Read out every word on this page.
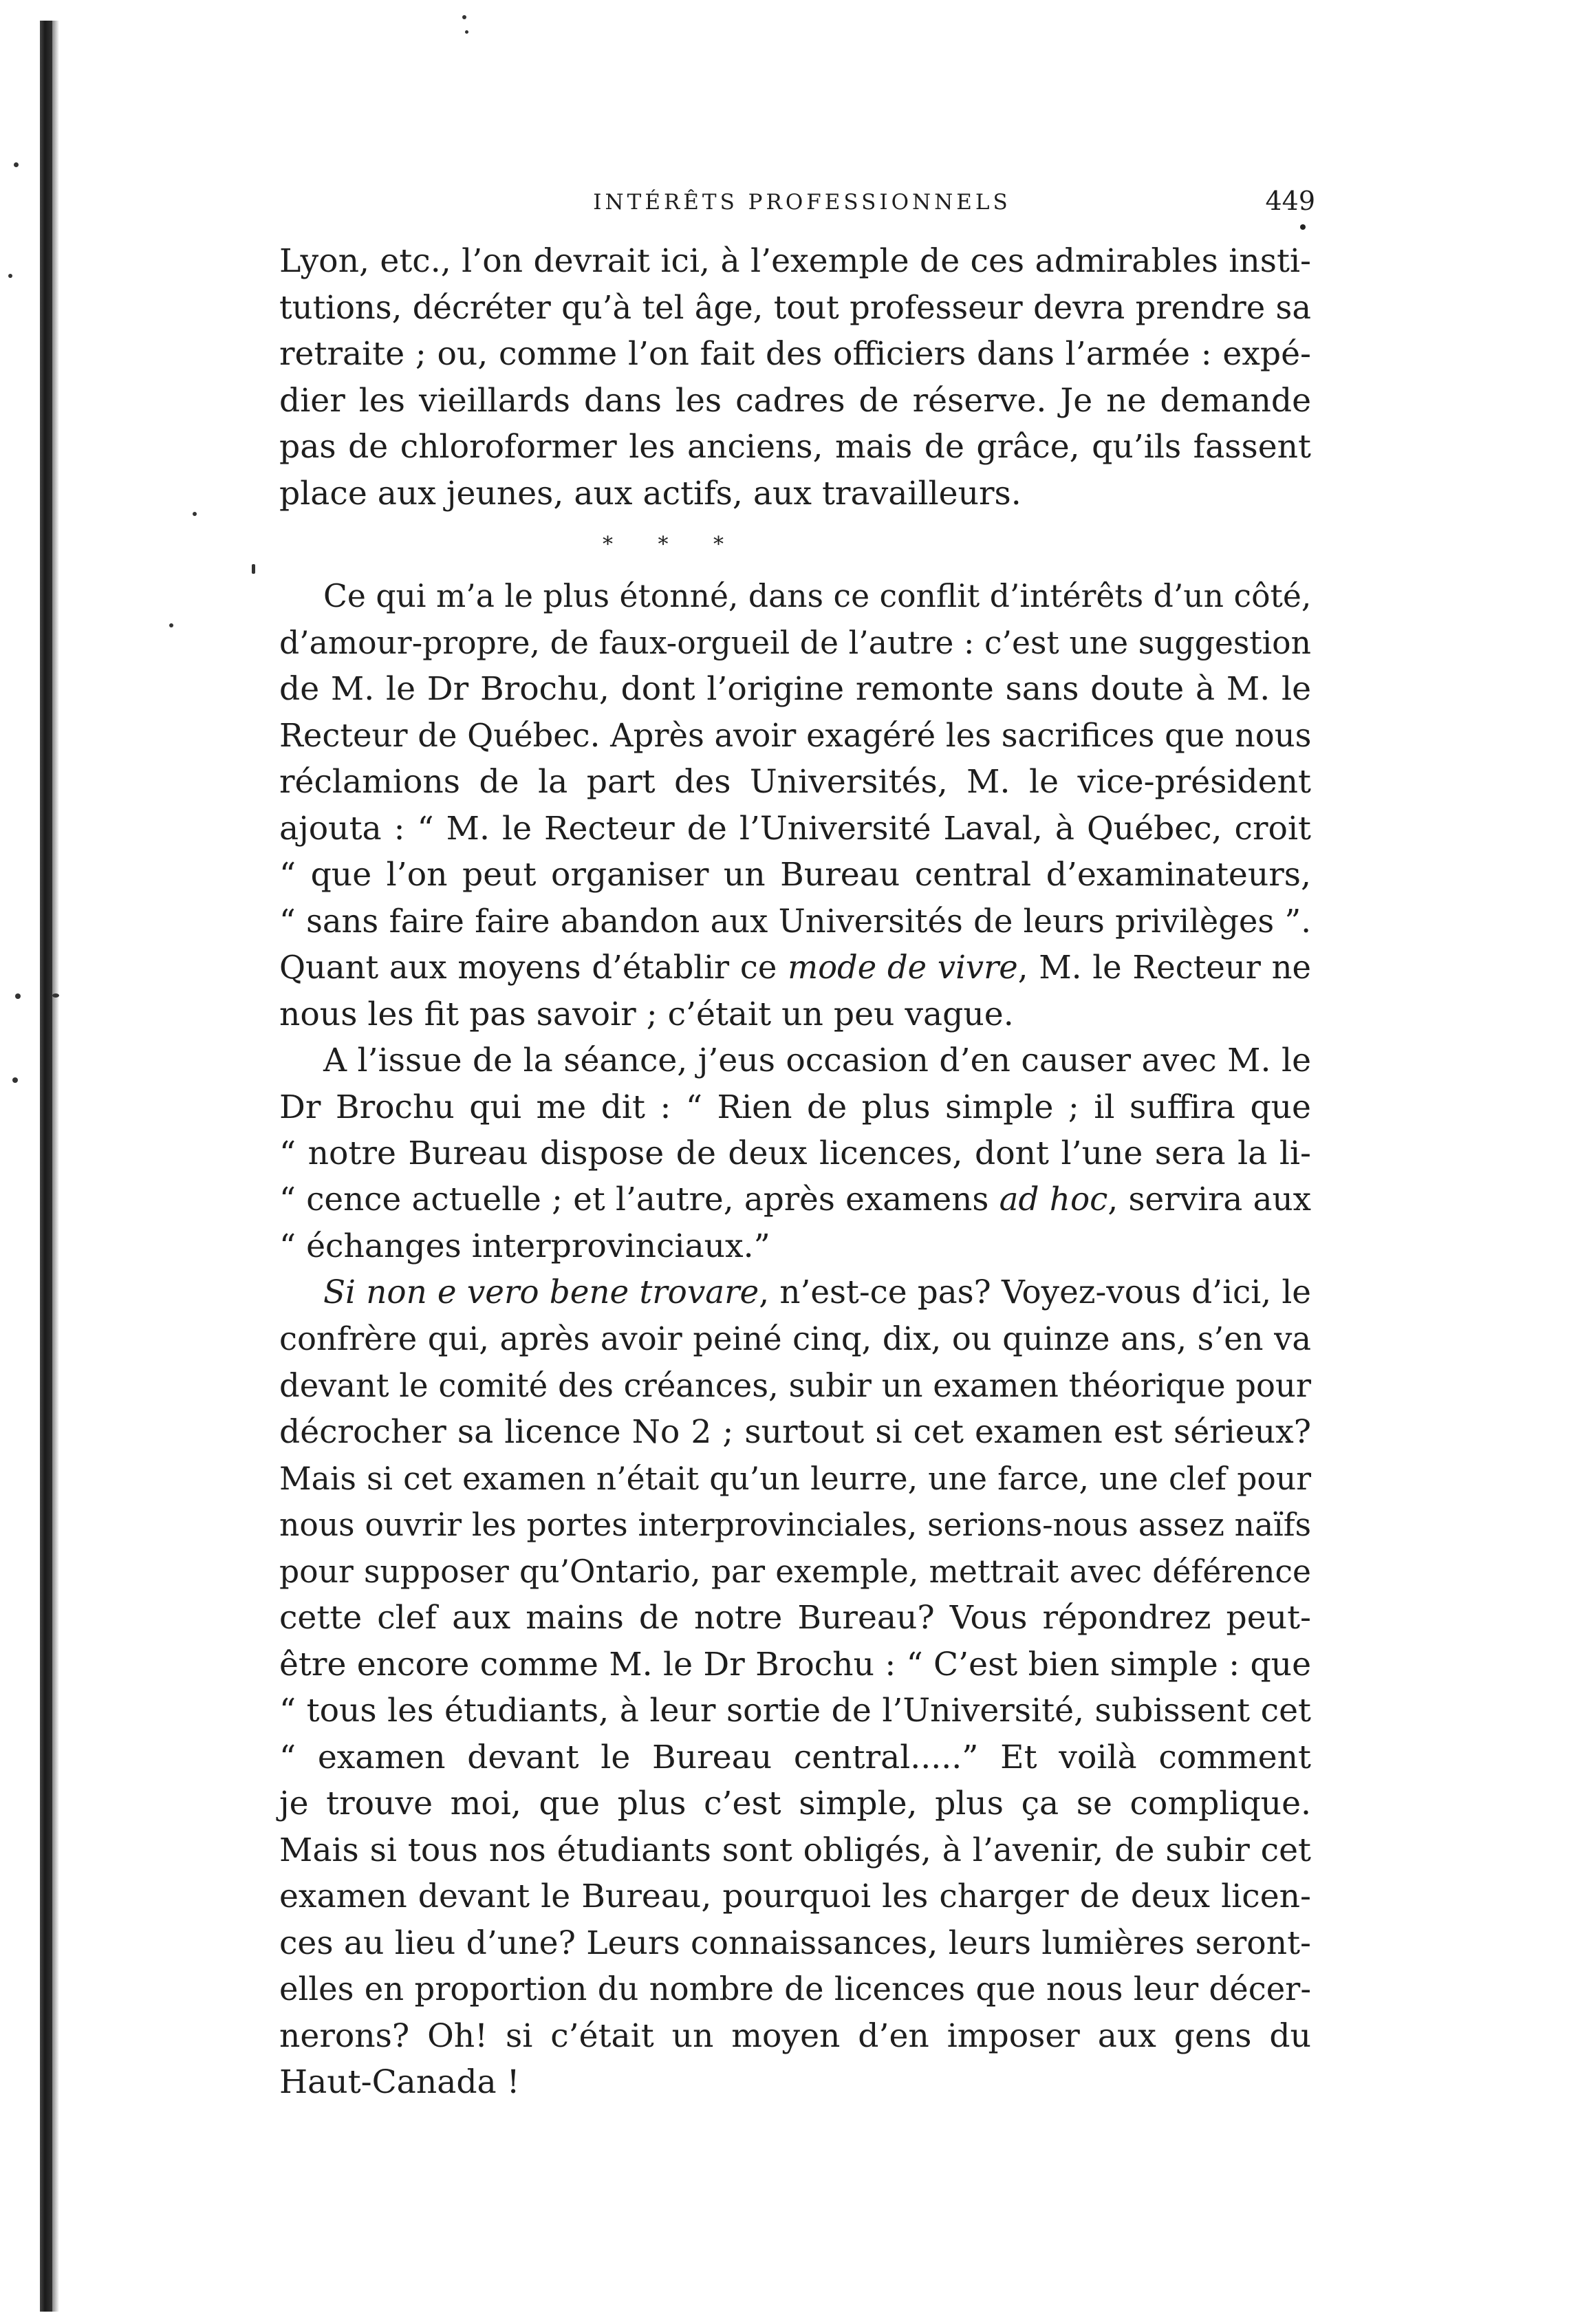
INTÉRÊTS PROFESSIONNELS	449
Lyon, etc., l’on devrait ici, à l’exemple de ces admirables insti-
tutions, décréter qu’à tel âge, tout professeur devra prendre sa
retraite ; ou, comme l’on fait des officiers dans l’armée : expé-
dier les vieillards dans les cadres de réserve. Je ne demande
pas de chloroformer les anciens, mais de grâce, qu’ils fassent
place aux jeunes, aux actifs, aux travailleurs.
* * *
Ce qui m’a le plus étonné, dans ce conflit d’intérêts d’un côté,
d’amour-propre, de faux-orgueil de l’autre : c’est une suggestion
de M. le Dr Brochu, dont l’origine remonte sans doute à M. le
Recteur de Québec. Après avoir exagéré les sacrifices que nous
réclamions de la part des Universités, M. le vice-président
ajouta : “ M. le Recteur de l’Université Laval, à Québec, croit
“ que l’on peut organiser un Bureau central d’examinateurs,
“ sans faire faire abandon aux Universités de leurs privilèges ”.
Quant aux moyens d’établir ce mode de vivre, M. le Recteur ne
nous les fit pas savoir ; c’était un peu vague.
A l’issue de la séance, j’eus occasion d’en causer avec M. le
Dr Brochu qui me dit : “ Rien de plus simple ; il suffira que
“ notre Bureau dispose de deux licences, dont l’une sera la li-
“ cence actuelle ; et l’autre, après examens ad hoc, servira aux
“ échanges interprovinciaux.”
Si non e vero bene trovare, n’est-ce pas? Voyez-vous d’ici, le
confrère qui, après avoir peiné cinq, dix, ou quinze ans, s’en va
devant le comité des créances, subir un examen théorique pour
décrocher sa licence No 2 ; surtout si cet examen est sérieux?
Mais si cet examen n’était qu’un leurre, une farce, une clef pour
nous ouvrir les portes interprovinciales, serions-nous assez naïfs
pour supposer qu’Ontario, par exemple, mettrait avec déférence
cette clef aux mains de notre Bureau? Vous répondrez peut-
être encore comme M. le Dr Brochu : “ C’est bien simple : que
“ tous les étudiants, à leur sortie de l’Université, subissent cet
“ examen devant le Bureau central.....” Et voilà comment
je trouve moi, que plus c’est simple, plus ça se complique.
Mais si tous nos étudiants sont obligés, à l’avenir, de subir cet
examen devant le Bureau, pourquoi les charger de deux licen-
ces au lieu d’une? Leurs connaissances, leurs lumières seront-
elles en proportion du nombre de licences que nous leur décer-
nerons? Oh! si c’était un moyen d’en imposer aux gens du
Haut-Canada !
